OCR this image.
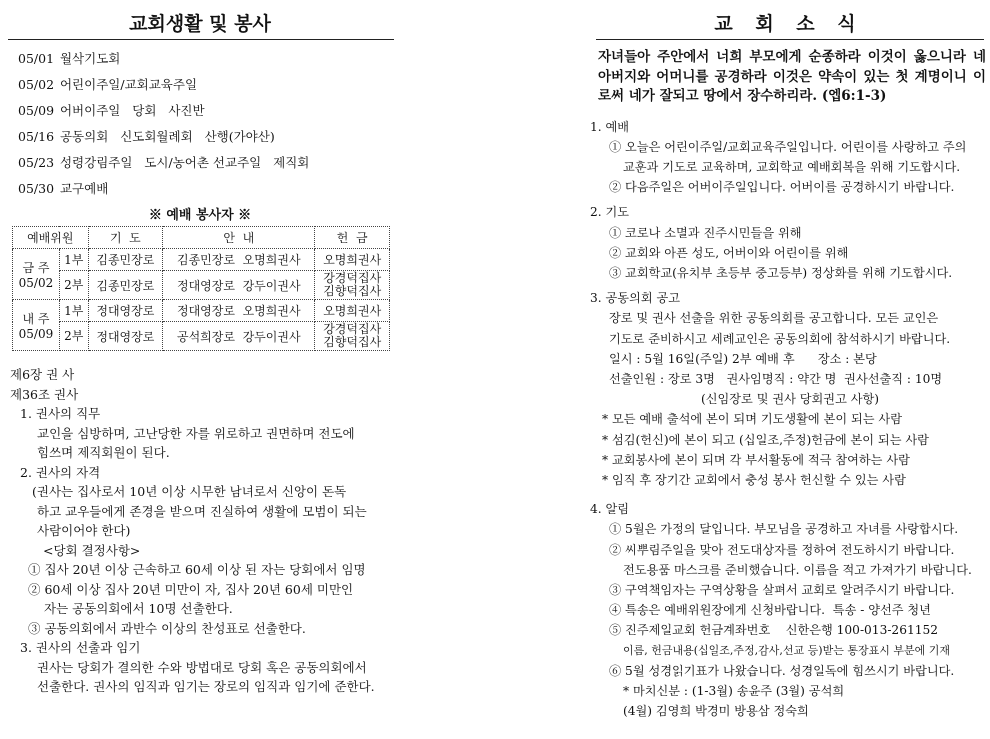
교회생활 및 봉사
05/01 월삭기도회
05/02 어린이주일/교회교육주일
05/09 어버이주일   당회   사진반
05/16 공동의회   신도회월례회   산행(가야산)
05/23 성령강림주일   도시/농어촌 선교주일   제직회
05/30 교구예배
※ 예배 봉사자 ※
예배위원		기  도	안  내	헌  금
금 주
05/02	1부	김종민장로	김종민장로  오명희권사	오명희권사
	2부	김종민장로	정대영장로  강두이권사	강경덕집사
김향덕집사
내 주
05/09	1부	정대영장로	정대영장로  오명희권사	오명희권사
	2부	정대영장로	공석희장로  강두이권사	강경덕집사
김향덕집사
제6장 권 사
제36조 권사
1. 권사의 직무
교인을 심방하며, 고난당한 자를 위로하고 권면하며 전도에
힘쓰며 제직회원이 된다.
2. 권사의 자격
(권사는 집사로서 10년 이상 시무한 남녀로서 신앙이 돈독
하고 교우들에게 존경을 받으며 진실하여 생활에 모범이 되는
사람이어야 한다)
<당회 결정사항>
① 집사 20년 이상 근속하고 60세 이상 된 자는 당회에서 임명
② 60세 이상 집사 20년 미만이 자, 집사 20년 60세 미만인
자는 공동의회에서 10명 선출한다.
③ 공동의회에서 과반수 이상의 찬성표로 선출한다.
3. 권사의 선출과 임기
권사는 당회가 결의한 수와 방법대로 당회 혹은 공동의회에서
선출한다. 권사의 임직과 임기는 장로의 임직과 임기에 준한다.
교 회 소 식
자녀들아 주안에서 너희 부모에게 순종하라 이것이 옳으니라 네 아버지와 어머니를 공경하라 이것은 약속이 있는 첫 계명이니 이로써 네가 잘되고 땅에서 장수하리라. (엡6:1-3)
1. 예배
① 오늘은 어린이주일/교회교육주일입니다. 어린이를 사랑하고 주의
교훈과 기도로 교육하며, 교회학교 예배회복을 위해 기도합시다.
② 다음주일은 어버이주일입니다. 어버이를 공경하시기 바랍니다.
2. 기도
① 코로나 소멸과 진주시민들을 위해
② 교회와 아픈 성도, 어버이와 어린이를 위해
③ 교회학교(유치부 초등부 중고등부) 정상화를 위해 기도합시다.
3. 공동의회 공고
장로 및 권사 선출을 위한 공동의회를 공고합니다. 모든 교인은
기도로 준비하시고 세례교인은 공동의회에 참석하시기 바랍니다.
일시 : 5월 16일(주일) 2부 예배 후      장소 : 본당
선출인원 : 장로 3명   권사임명직 : 약간 명  권사선출직 : 10명
(신임장로 및 권사 당회권고 사항)
* 모든 예배 출석에 본이 되며 기도생활에 본이 되는 사람
* 섬김(헌신)에 본이 되고 (십일조,주정)헌금에 본이 되는 사람
* 교회봉사에 본이 되며 각 부서활동에 적극 참여하는 사람
* 임직 후 장기간 교회에서 충성 봉사 헌신할 수 있는 사람
4. 알림
① 5월은 가정의 달입니다. 부모님을 공경하고 자녀를 사랑합시다.
② 씨뿌림주일을 맞아 전도대상자를 정하여 전도하시기 바랍니다.
전도용품 마스크를 준비했습니다. 이름을 적고 가져가기 바랍니다.
③ 구역책임자는 구역상황을 살펴서 교회로 알려주시기 바랍니다.
④ 특송은 예배위원장에게 신청바랍니다.  특송 - 양선주 청년
⑤ 진주제일교회 헌금계좌번호    신한은행 100-013-261152
이름, 헌금내용(십일조,주정,감사,선교 등)받는 통장표시 부분에 기재
⑥ 5월 성경읽기표가 나왔습니다. 성경일독에 힘쓰시기 바랍니다.
* 마치신분 : (1-3월) 송윤주 (3월) 공석희
(4월) 김영희 박경미 방용삼 정숙희
